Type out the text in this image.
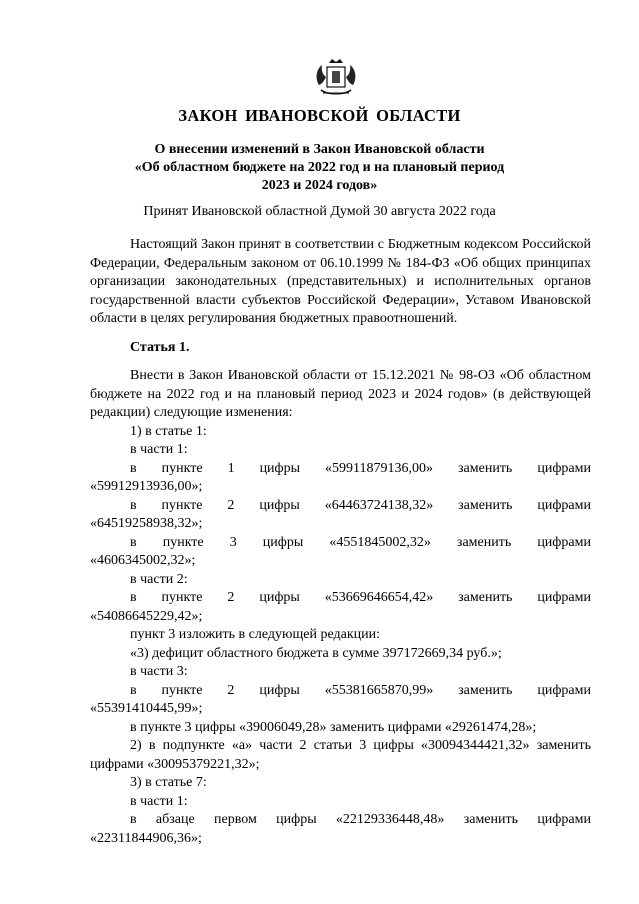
ЗАКОН ИВАНОВСКОЙ ОБЛАСТИ
О внесении изменений в Закон Ивановской области
«Об областном бюджете на 2022 год и на плановый период
2023 и 2024 годов»
Принят Ивановской областной Думой 30 августа 2022 года

Настоящий Закон принят в соответствии с Бюджетным кодексом Российской Федерации, Федеральным законом от 06.10.1999 № 184-ФЗ «Об общих принципах организации законодательных (представительных) и исполнительных органов государственной власти субъектов Российской Федерации», Уставом Ивановской области в целях регулирования бюджетных правоотношений.

Статья 1.

Внести в Закон Ивановской области от 15.12.2021 № 98-ОЗ «Об областном бюджете на 2022 год и на плановый период 2023 и 2024 годов» (в действующей редакции) следующие изменения:

1) в статье 1:

в части 1:

в пункте 1 цифры «59911879136,00» заменить цифрами

«59912913936,00»;

в пункте 2 цифры «64463724138,32» заменить цифрами

«64519258938,32»;

в пункте 3 цифры «4551845002,32» заменить цифрами

«4606345002,32»;

в части 2:

в пункте 2 цифры «53669646654,42» заменить цифрами

«54086645229,42»;

пункт 3 изложить в следующей редакции:

«3) дефицит областного бюджета в сумме 397172669,34 руб.»;

в части 3:

в пункте 2 цифры «55381665870,99» заменить цифрами

«55391410445,99»;

в пункте 3 цифры «39006049,28» заменить цифрами «29261474,28»;

2) в подпункте «а» части 2 статьи 3 цифры «30094344421,32» заменить цифрами «30095379221,32»;

3) в статье 7:

в части 1:

в абзаце первом цифры «22129336448,48» заменить цифрами

«22311844906,36»;
